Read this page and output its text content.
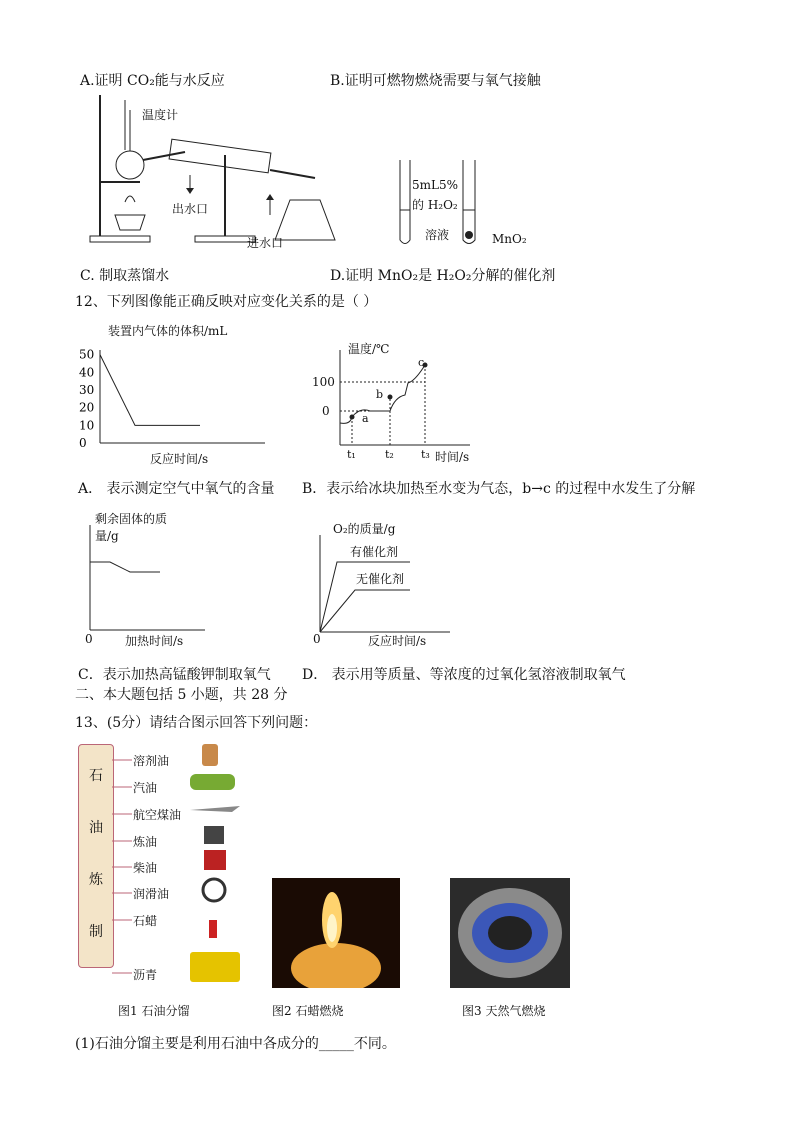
A.证明 CO₂能与水反应	B.证明可燃物燃烧需要与氧气接触
温度计
出水口
进水口
5mL5%
的 H₂O₂
溶液	MnO₂
C. 制取蒸馏水	D.证明 MnO₂是 H₂O₂分解的催化剂
12、下列图像能正确反映对应变化关系的是（ ）
装置内气体的体积/mL
50
40
30
20
10
0
反应时间/s
温度/℃
100
0
a
b
c
t₁	t₂ t₃ 时间/s
A． 表示测定空气中氧气的含量 B．表示给冰块加热至水变为气态，b→c 的过程中水发生了分解
剩余固体的质量/g
0	加热时间/s
O₂的质量/g
有催化剂
无催化剂
0	反应时间/s
C．表示加热高锰酸钾制取氧气 D． 表示用等质量、等浓度的过氧化氢溶液制取氧气
二、本大题包括 5 小题，共 28 分
13、(5分）请结合图示回答下列问题：
石
油
炼
制
溶剂油
汽油
航空煤油
炼油
柴油
润滑油
石蜡
沥青
图1 石油分馏	图2 石蜡燃烧	图3 天然气燃烧
(1)石油分馏主要是利用石油中各成分的_____不同。
